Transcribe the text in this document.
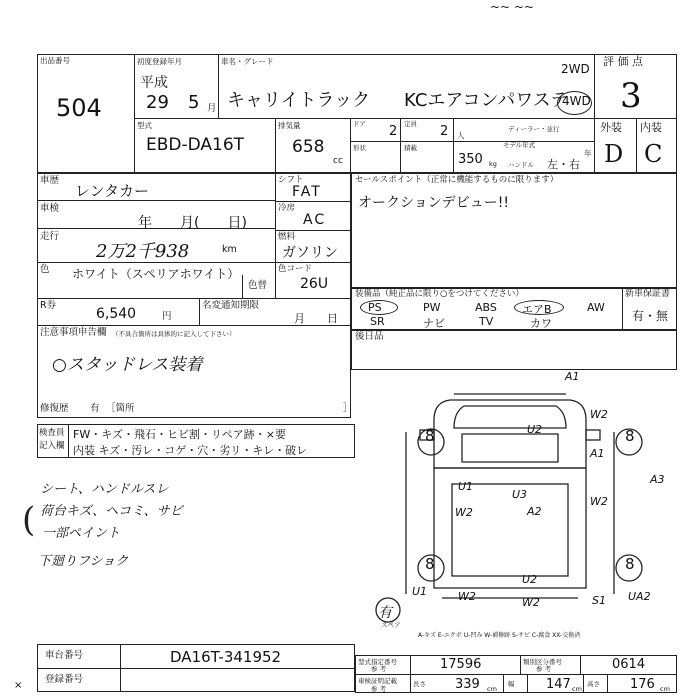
~~ ~~
出品番号
504
初度登録年月
平成
29 5 月
車名・グレード
キャリイトラック KCエアコンパワステ
2WD
4WD
評 価 点
3
型式
EBD-DA16T
排気量
658
cc
ドア 2 定員 2 人
ディーラー・並行
形状	積載
350 kg
モデル年式
ハンドル 左・右
年
外装 内装
D C
車歴
レンタカー
車検
年　　月(　　日)
走行
2万2千938	km
色 ホワイト（スペリアホワイト）
色替
R券
6,540	円
名変通知期限
月　　日
シフト
FAT
冷房
AC
燃料
ガソリン
色コード
26U
注意事項申告欄 （不具合箇所は具体的に記入して下さい）
○スタッドレス装着
修復歴 有 ［箇所	］
セールスポイント（正常に機能するものに限ります）
オークションデビュー!!
装備品（純正品に限り○をつけてください）	新車保証書
有・無
PS	PW	ABS エアB	AW
SR	ナビ	TV	カワ
後日品
検査員
記入欄
FW・キズ・飛石・ヒビ割・リペア跡・×要
内装 キズ・汚レ・コゲ・穴・劣リ・キレ・破レ
シート、ハンドルスレ
( 荷台キズ、ヘコミ、サビ
一部ペイント
下廻りフショク
8	8
8	8
A1
U2
W2
A1
A3
U1
W2
U3
A2
W2
U2
W2
U1	W2	S1 UA2
有
スペア
A-キズ E-エクボ U-凹み W-補修跡 S-サビ C-腐食 XX-交換済
車台番号	DA16T-341952
登録番号
×
型式指定番号
参 考	17596	類別区分番号
参 考	0614
車検証明記載
参 考
長さ 339 cm
幅 147 cm
高さ 176 cm
